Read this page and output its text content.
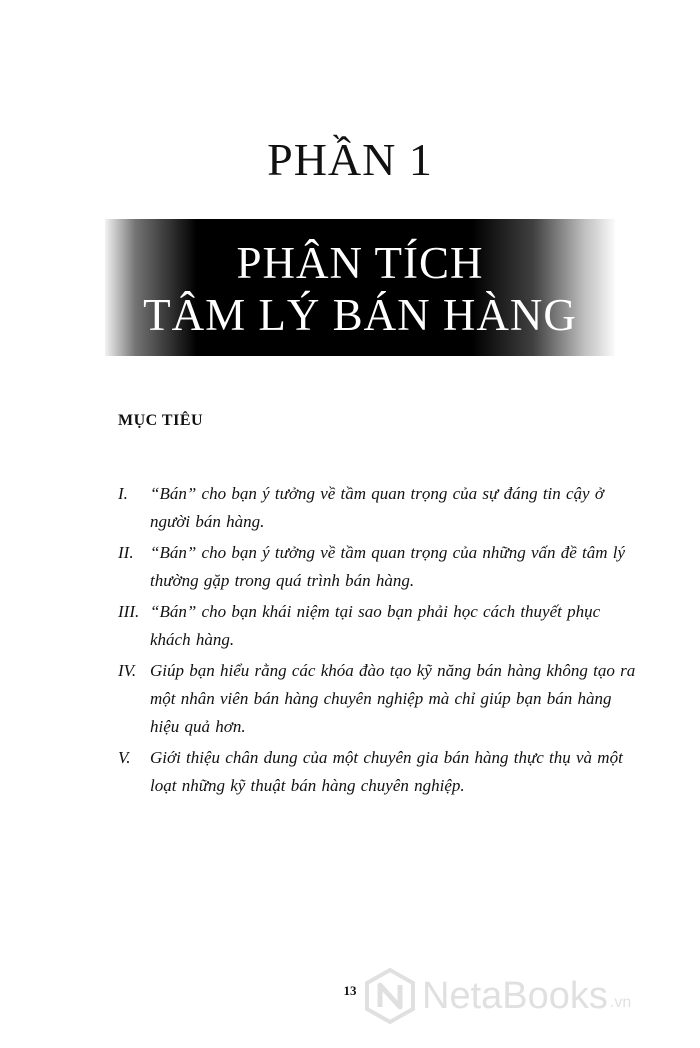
PHẦN 1
PHÂN TÍCH
TÂM LÝ BÁN HÀNG
MỤC TIÊU
I.	“Bán” cho bạn ý tưởng về tầm quan trọng của sự đáng tin cậy ở người bán hàng.
II. “Bán” cho bạn ý tưởng về tầm quan trọng của những vấn đề tâm lý thường gặp trong quá trình bán hàng.
III. “Bán” cho bạn khái niệm tại sao bạn phải học cách thuyết phục khách hàng.
IV. Giúp bạn hiểu rằng các khóa đào tạo kỹ năng bán hàng không tạo ra một nhân viên bán hàng chuyên nghiệp mà chỉ giúp bạn bán hàng hiệu quả hơn.
V.	Giới thiệu chân dung của một chuyên gia bán hàng thực thụ và một loạt những kỹ thuật bán hàng chuyên nghiệp.
13	NetaBooks .vn
